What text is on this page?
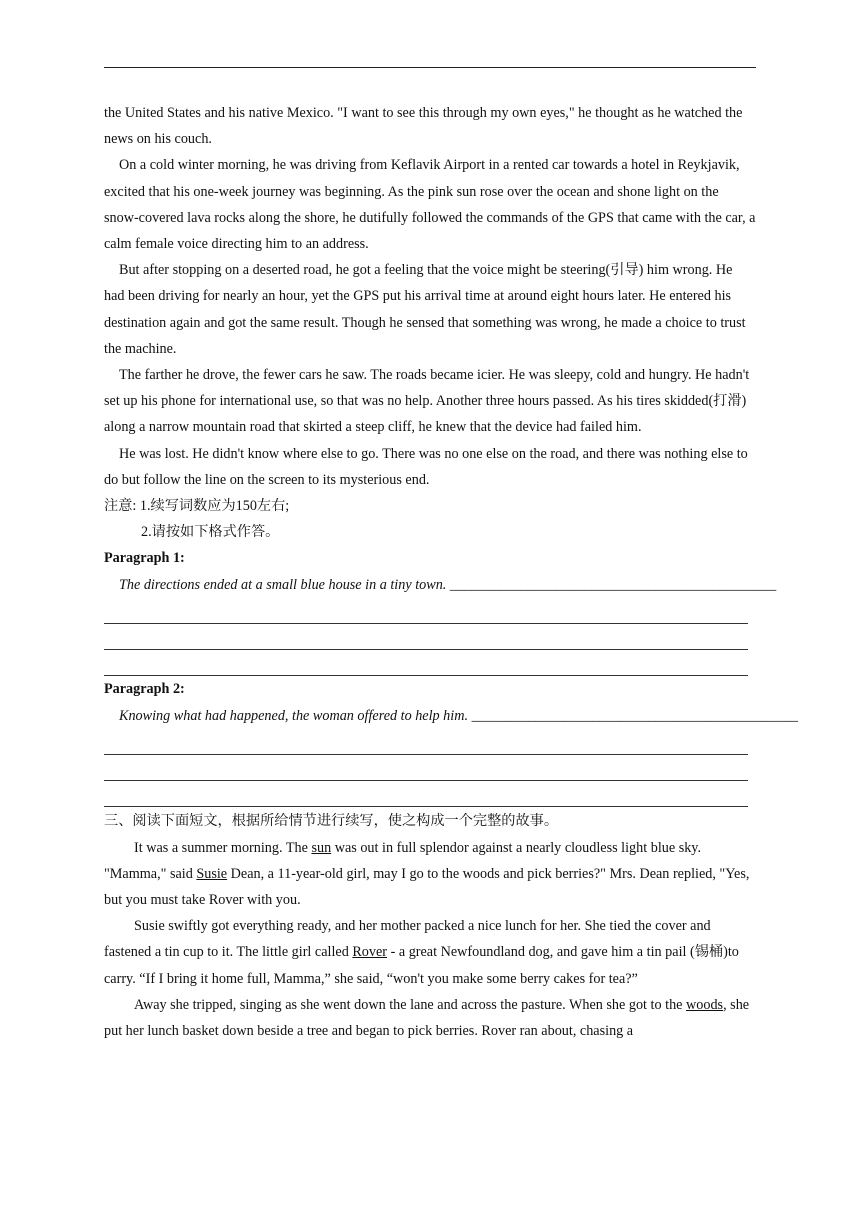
the United States and his native Mexico. "I want to see this through my own eyes," he thought as he watched the news on his couch.

On a cold winter morning, he was driving from Keflavik Airport in a rented car towards a hotel in Reykjavik, excited that his one-week journey was beginning. As the pink sun rose over the ocean and shone light on the snow-covered lava rocks along the shore, he dutifully followed the commands of the GPS that came with the car, a calm female voice directing him to an address.

But after stopping on a deserted road, he got a feeling that the voice might be steering(引导) him wrong. He had been driving for nearly an hour, yet the GPS put his arrival time at around eight hours later. He entered his destination again and got the same result. Though he sensed that something was wrong, he made a choice to trust the machine.

The farther he drove, the fewer cars he saw. The roads became icier. He was sleepy, cold and hungry. He hadn't set up his phone for international use, so that was no help. Another three hours passed. As his tires skidded(打滑) along a narrow mountain road that skirted a steep cliff, he knew that the device had failed him.

He was lost. He didn't know where else to go. There was no one else on the road, and there was nothing else to do but follow the line on the screen to its mysterious end.

注意: 1.续写词数应为150左右;

2.请按如下格式作答。

Paragraph 1:

The directions ended at a small blue house in a tiny town. ______________________________________________

Paragraph 2:

Knowing what had happened, the woman offered to help him. ______________________________________________

三、阅读下面短文，根据所给情节进行续写，使之构成一个完整的故事。

It was a summer morning. The sun was out in full splendor against a nearly cloudless light blue sky. "Mamma," said Susie Dean, a 11-year-old girl, may I go to the woods and pick berries?" Mrs. Dean replied, "Yes, but you must take Rover with you.

Susie swiftly got everything ready, and her mother packed a nice lunch for her. She tied the cover and fastened a tin cup to it. The little girl called Rover - a great Newfoundland dog, and gave him a tin pail (锡桶)to carry. “If I bring it home full, Mamma,” she said, “won't you make some berry cakes for tea?”

Away she tripped, singing as she went down the lane and across the pasture. When she got to the woods, she put her lunch basket down beside a tree and began to pick berries. Rover ran about, chasing a
